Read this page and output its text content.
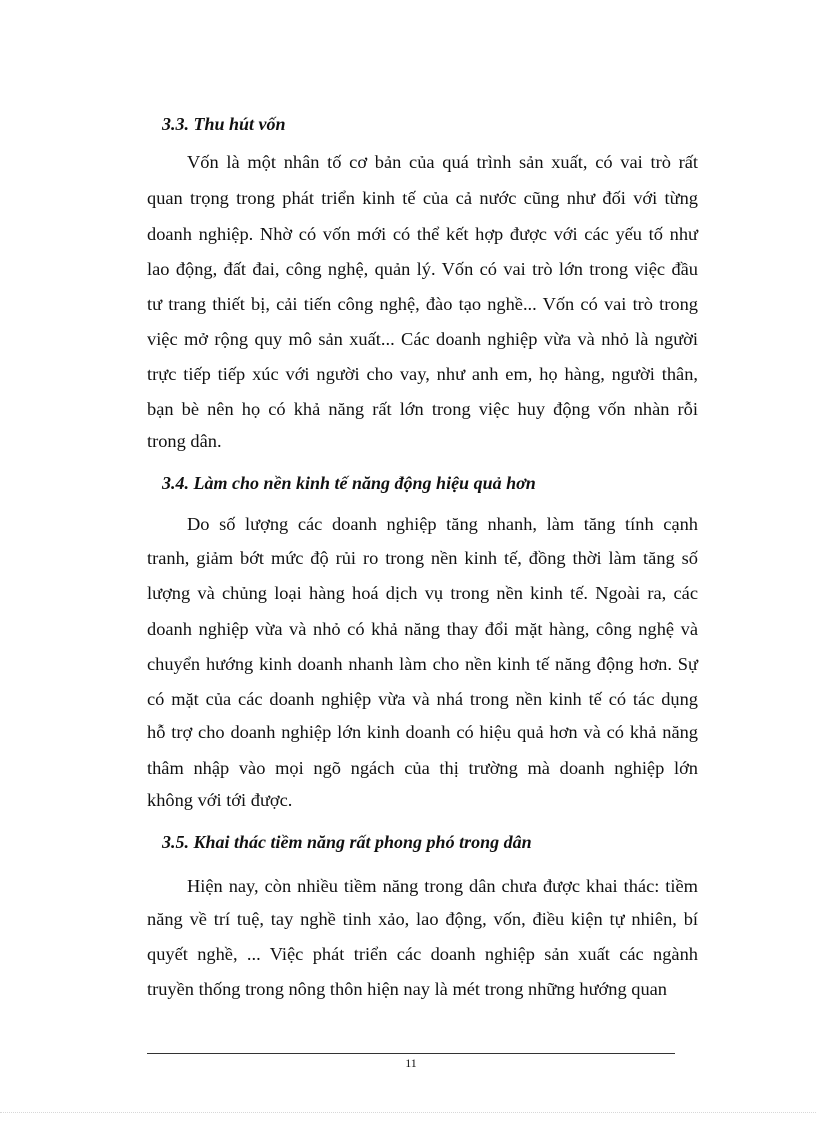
3.3. Thu hút vốn

Vốn là một nhân tố cơ bản của quá trình sản xuất, có vai trò rất

quan trọng trong phát triển kinh tế của cả nước cũng như đối với từng

doanh nghiệp. Nhờ có vốn mới có thể kết hợp được với các yếu tố như

lao động, đất đai, công nghệ, quản lý. Vốn có vai trò lớn trong việc đầu

tư trang thiết bị, cải tiến công nghệ, đào tạo nghề... Vốn có vai trò trong

việc mở rộng quy mô sản xuất... Các doanh nghiệp vừa và nhỏ là người

trực tiếp tiếp xúc với người cho vay, như anh em, họ hàng, người thân,

bạn bè nên họ có khả năng rất lớn trong việc huy động vốn nhàn rỗi

trong dân.

3.4. Làm cho nền kinh tế năng động hiệu quả hơn

Do số lượng các doanh nghiệp tăng nhanh, làm tăng tính cạnh

tranh, giảm bớt mức độ rủi ro trong nền kinh tế, đồng thời làm tăng số

lượng và chủng loại hàng hoá dịch vụ trong nền kinh tế. Ngoài ra, các

doanh nghiệp vừa và nhỏ có khả năng thay đổi mặt hàng, công nghệ và

chuyển hướng kinh doanh nhanh làm cho nền kinh tế năng động hơn. Sự

có mặt của các doanh nghiệp vừa và nhá trong nền kinh tế có tác dụng

hỗ trợ cho doanh nghiệp lớn kinh doanh có hiệu quả hơn và có khả năng

thâm nhập vào mọi ngõ ngách của thị trường mà doanh nghiệp lớn

không với tới được.

3.5. Khai thác tiềm năng rất phong phó trong dân

Hiện nay, còn nhiều tiềm năng trong dân chưa được khai thác: tiềm

năng về trí tuệ, tay nghề tinh xảo, lao động, vốn, điều kiện tự nhiên, bí

quyết nghề, ... Việc phát triển các doanh nghiệp sản xuất các ngành

truyền thống trong nông thôn hiện nay là mét trong những hướng quan

11
